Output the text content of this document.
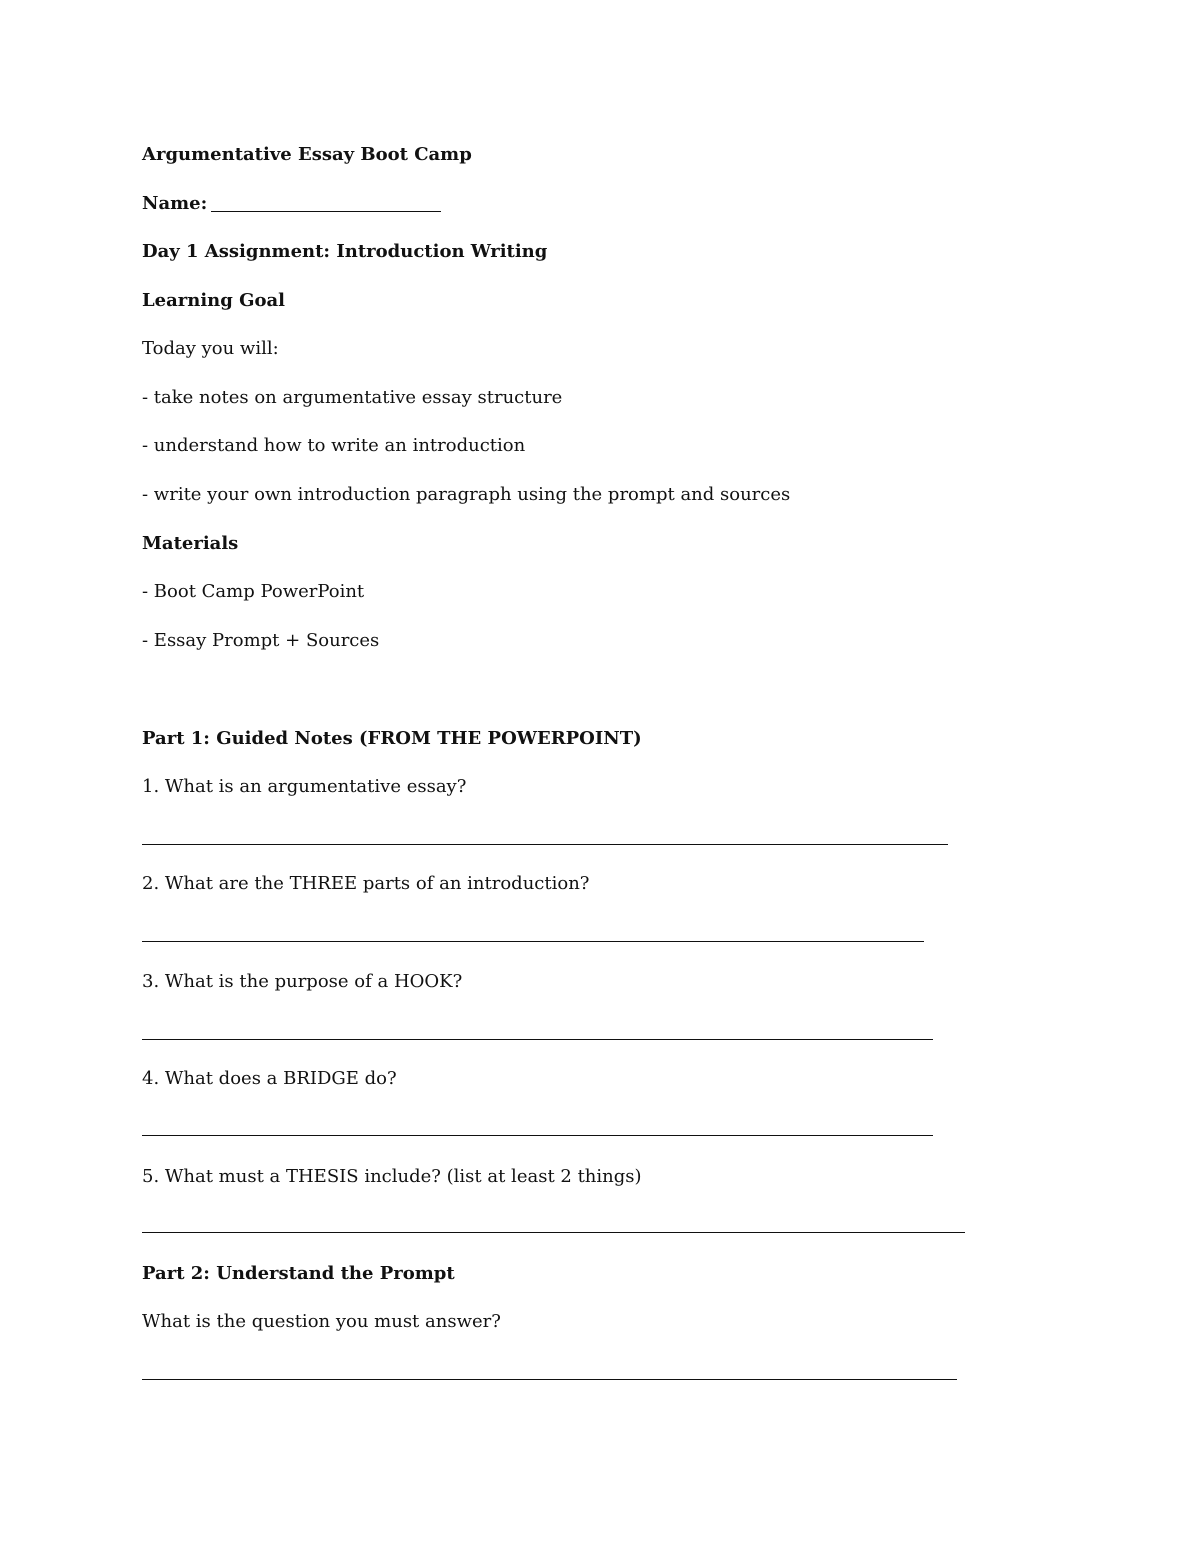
Argumentative Essay Boot Camp

Name:

Day 1 Assignment: Introduction Writing

Learning Goal

Today you will:

- take notes on argumentative essay structure

- understand how to write an introduction

- write your own introduction paragraph using the prompt and sources

Materials

- Boot Camp PowerPoint

- Essay Prompt + Sources

Part 1: Guided Notes (FROM THE POWERPOINT)

1. What is an argumentative essay?

2. What are the THREE parts of an introduction?

3. What is the purpose of a HOOK?

4. What does a BRIDGE do?

5. What must a THESIS include? (list at least 2 things)

Part 2: Understand the Prompt

What is the question you must answer?
